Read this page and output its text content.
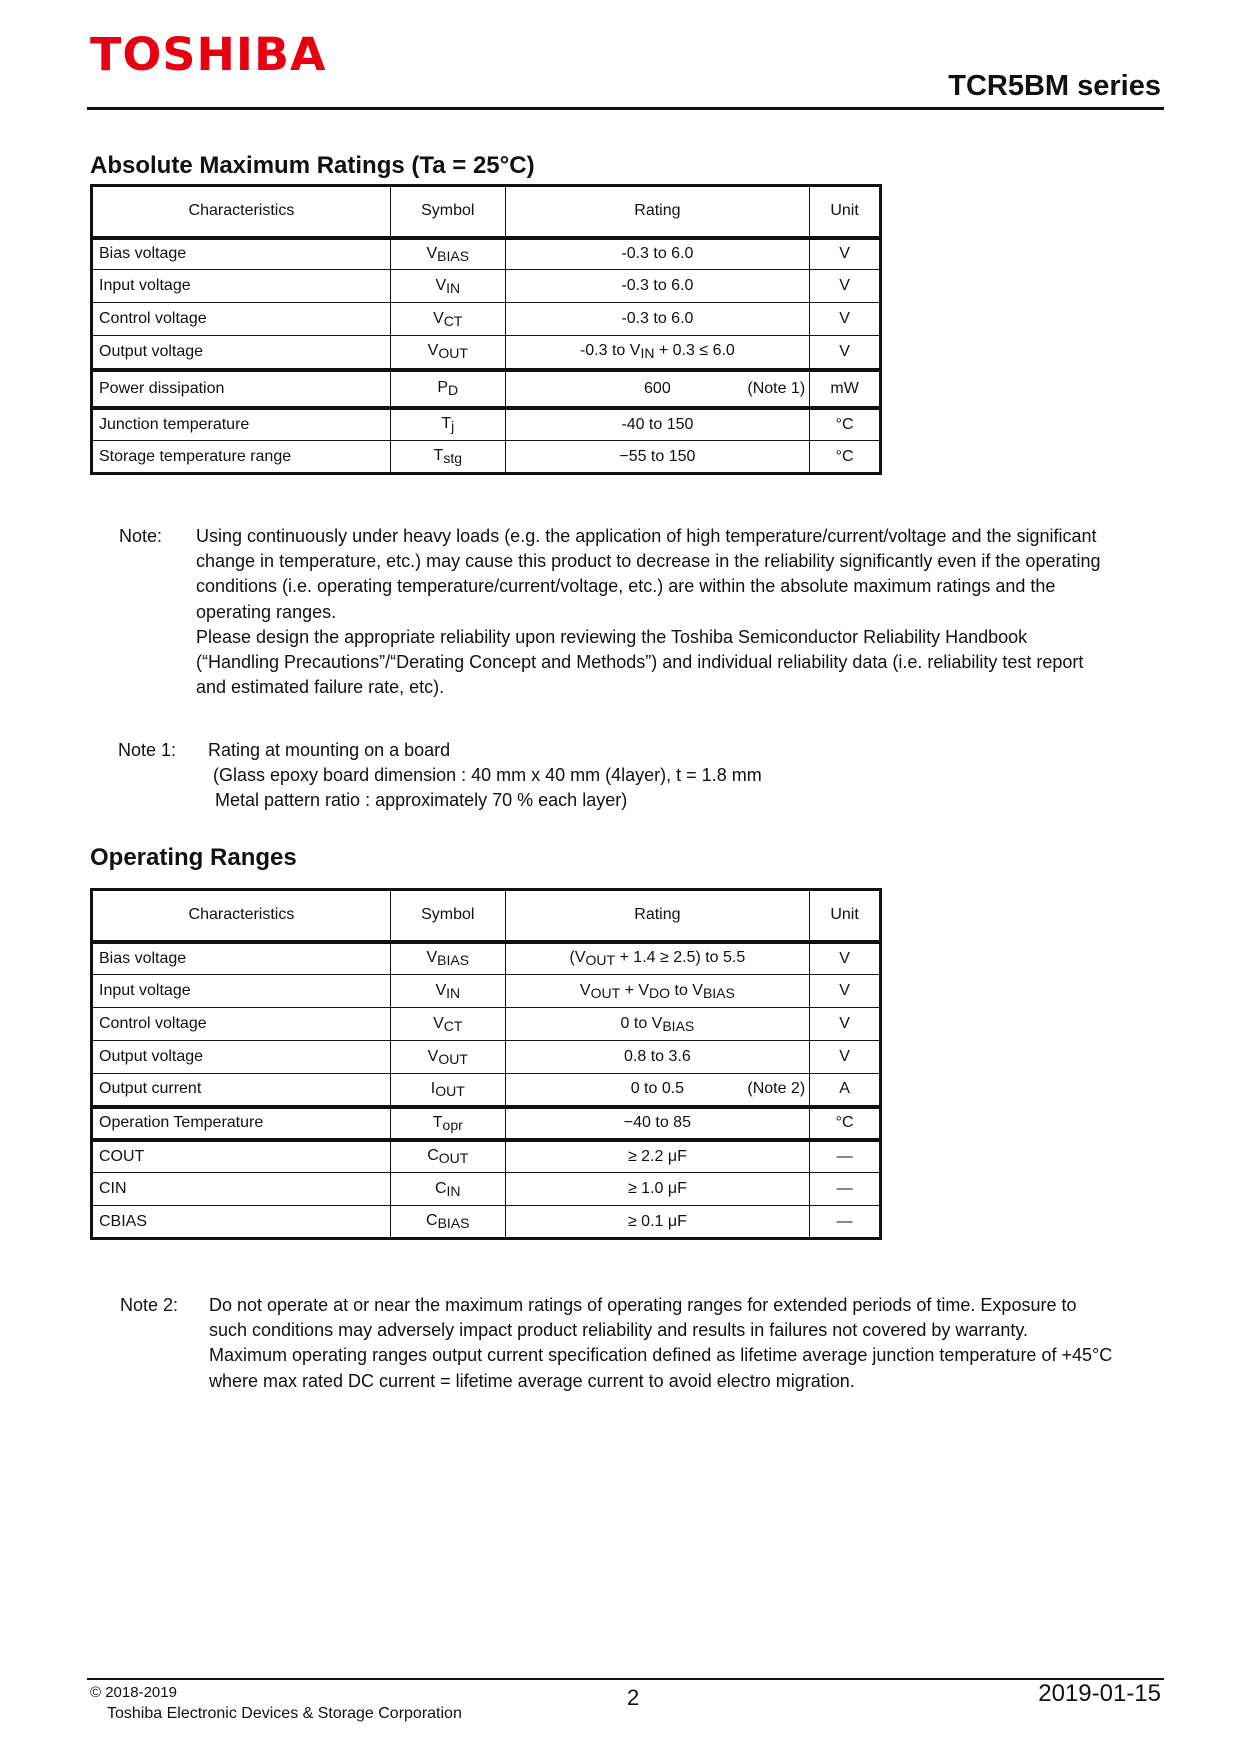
TOSHIBA
TCR5BM series
Absolute Maximum Ratings (Ta = 25°C)
Characteristics	Symbol	Rating	Unit
Bias voltage	$V_{BIAS}$	-0.3 to 6.0	V
Input voltage	$V_{IN}$	-0.3 to 6.0	V
Control voltage	$V_{CT}$	-0.3 to 6.0	V
Output voltage	$V_{OUT}$	-0.3 to $V_{IN} + 0.3 \le 6.0$	V
Power dissipation	$P_D$	600 (Note 1)	mW
Junction temperature	$T_j$	-40 to 150	°C
Storage temperature range	$T_{stg}$	−55 to 150	°C
Note: Using continuously under heavy loads (e.g. the application of high temperature/current/voltage and the significant
change in temperature, etc.) may cause this product to decrease in the reliability significantly even if the operating
conditions (i.e. operating temperature/current/voltage, etc.) are within the absolute maximum ratings and the
operating ranges.
Please design the appropriate reliability upon reviewing the Toshiba Semiconductor Reliability Handbook
(“Handling Precautions”/“Derating Concept and Methods”) and individual reliability data (i.e. reliability test report
and estimated failure rate, etc).
Note 1: Rating at mounting on a board
(Glass epoxy board dimension : 40 mm x 40 mm (4layer), t = 1.8 mm
Metal pattern ratio : approximately 70 % each layer)
Operating Ranges
Characteristics	Symbol	Rating	Unit
Bias voltage	$V_{BIAS}$	$(V_{OUT} + 1.4 \ge 2.5)$ to 5.5	V
Input voltage	$V_{IN}$	$V_{OUT} + V_{DO}$ to $V_{BIAS}$	V
Control voltage	$V_{CT}$	0 to $V_{BIAS}$	V
Output voltage	$V_{OUT}$	0.8 to 3.6	V
Output current	$I_{OUT}$	0 to 0.5 (Note 2)	A
Operation Temperature	$T_{opr}$	−40 to 85	°C
COUT	$C_{OUT}$	≥ 2.2 μF	—
CIN	$C_{IN}$	≥ 1.0 μF	—
CBIAS	$C_{BIAS}$	≥ 0.1 μF	—
Note 2: Do not operate at or near the maximum ratings of operating ranges for extended periods of time. Exposure to
such conditions may adversely impact product reliability and results in failures not covered by warranty.
Maximum operating ranges output current specification defined as lifetime average junction temperature of +45°C
where max rated DC current = lifetime average current to avoid electro migration.
© 2018-2019
Toshiba Electronic Devices & Storage Corporation
2	2019-01-15
